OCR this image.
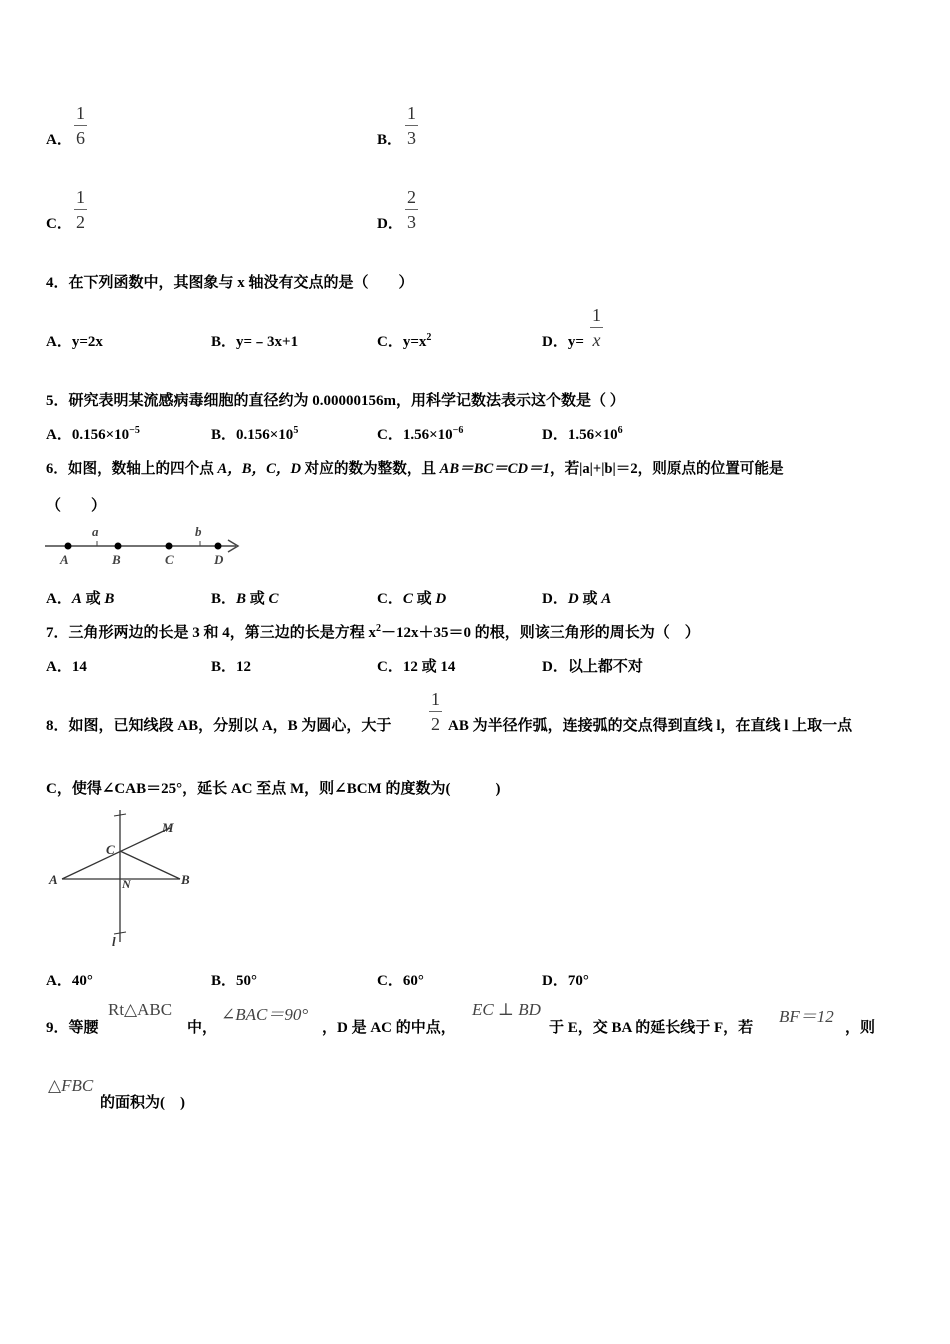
A．
1
6	B．
1
3
C．
1
2	D．
2
3
4．在下列函数中，其图象与 x 轴没有交点的是（　　）
A．y=2x	B．y=﹣3x+1	C．$y=x^2$	D．y=
1
x
5．研究表明某流感病毒细胞的直径约为 0.00000156m，用科学记数法表示这个数是（ ）
A．$0.156\times 10^{-5}$	B．$0.156\times 10^5$	C．$1.56\times 10^{-6}$	D．$1.56\times 10^6$
6．如图，数轴上的四个点 A，B，C，D 对应的数为整数，且 AB＝BC＝CD＝1，若|a|+|b|＝2，则原点的位置可能是
（　　）
a	b
A	B	C	D
A．A 或 B	B．B 或 C	C．C 或 D	D．D 或 A
7．三角形两边的长是 3 和 4，第三边的长是方程 $x^2-12x+35=0$ 的根，则该三角形的周长为（　）
A．14	B．12	C．12 或 14	D．以上都不对
8．如图，已知线段 AB，分别以 A，B 为圆心，大于
1
2 AB 为半径作弧，连接弧的交点得到直线 l，在直线 l 上取一点
C，使得∠CAB＝25°，延长 AC 至点 M，则∠BCM 的度数为(　　　)
M
C
A	N	B
l
A．40°	B．50°	C．60°	D．70°
9．等腰
Rt△ABC
中，
∠BAC＝90°
，D 是 AC 的中点，
EC ⊥ BD
于 E，交 BA 的延长线于 F，若
BF＝12
，则
△FBC
的面积为(　)
